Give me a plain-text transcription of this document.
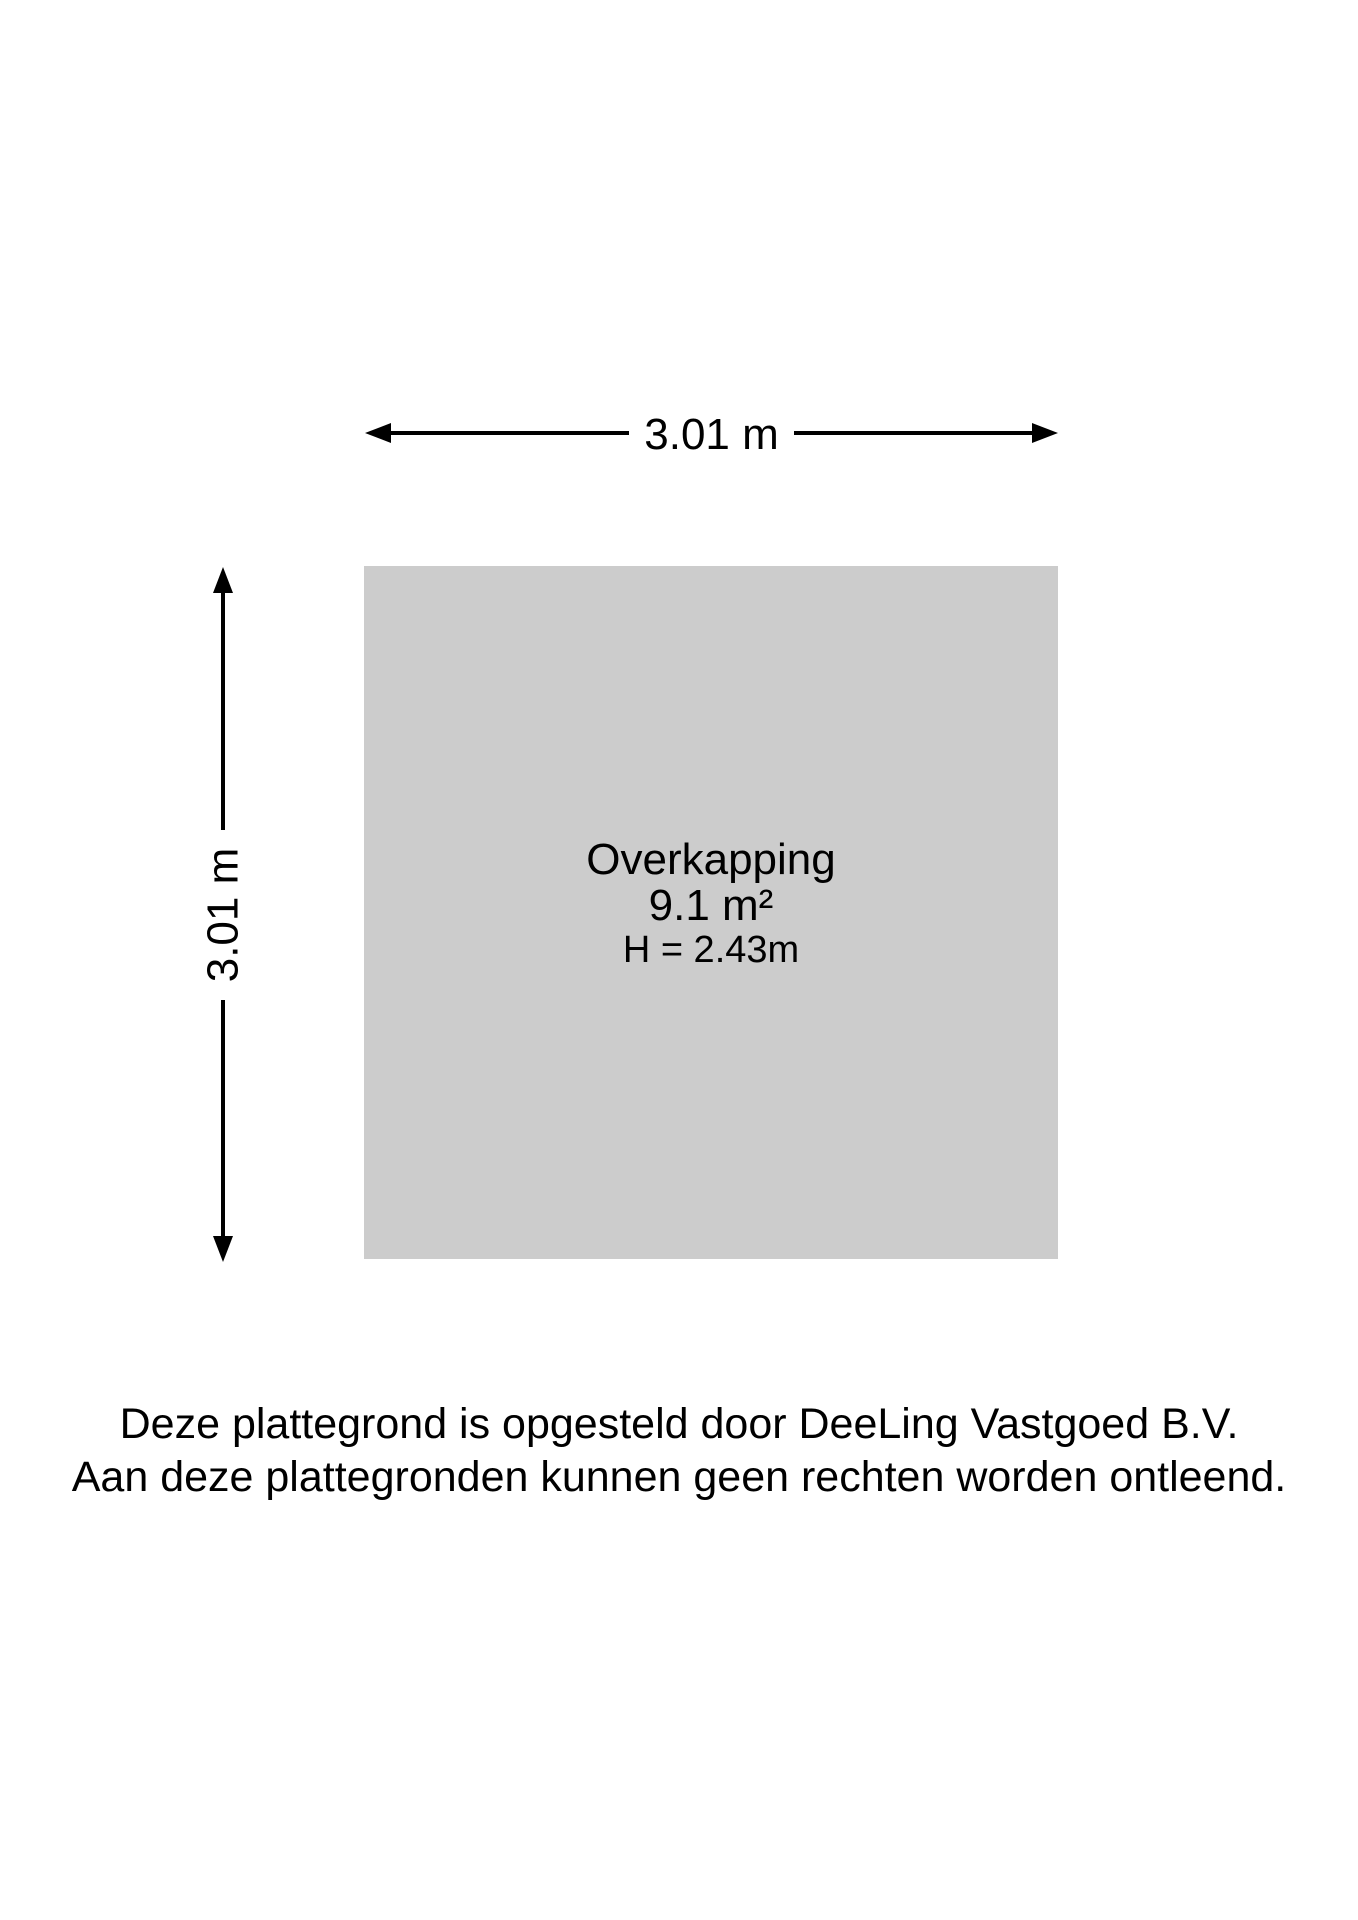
Overkapping
9.1 m²
H = 2.43m
3.01 m
3.01 m
Deze plattegrond is opgesteld door DeeLing Vastgoed B.V.
Aan deze plattegronden kunnen geen rechten worden ontleend.
